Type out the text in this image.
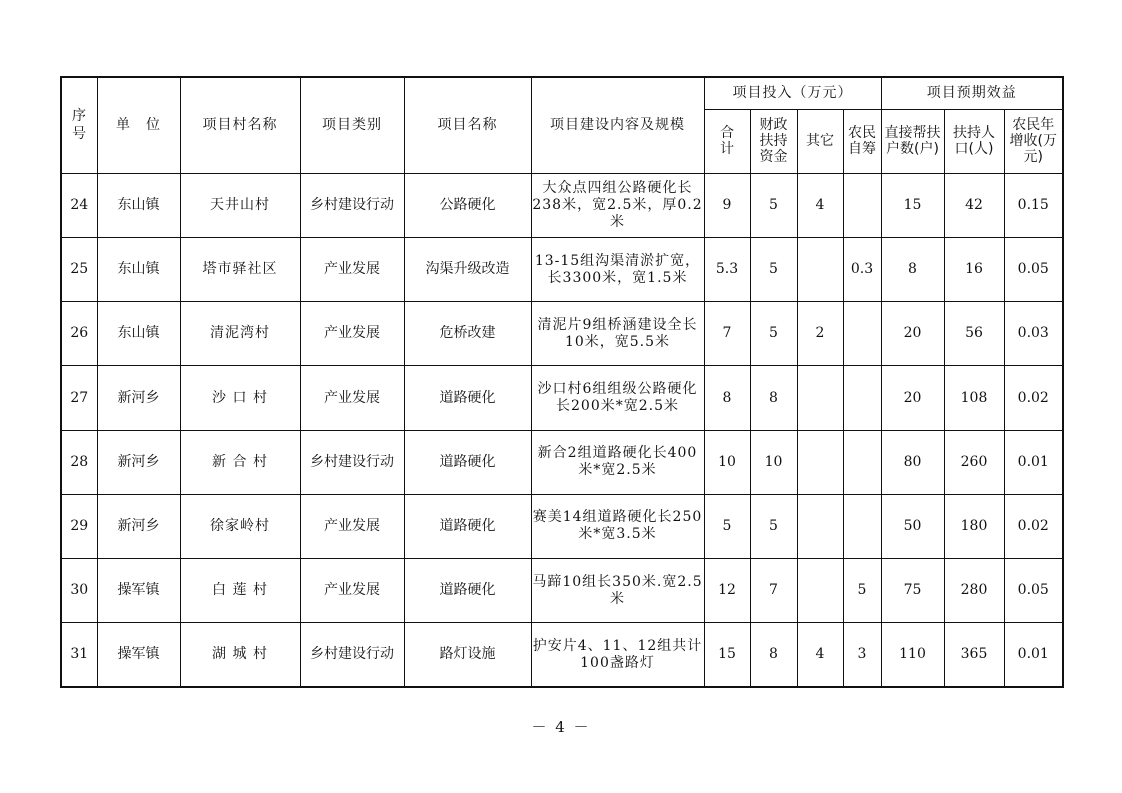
序号	单　位	项目村名称	项目类别	项目名称	项目建设内容及规模	项目投入（万元）				项目预期效益		
						合计	财政扶持资金	其它	农民自筹	直接帮扶户数(户)	扶持人口(人)	农民年增收(万元)
24	东山镇	天井山村	乡村建设行动	公路硬化	大众点四组公路硬化长238米，宽2.5米，厚0.2米	9	5	4		15	42	0.15
25	东山镇	塔市驿社区	产业发展	沟渠升级改造	13-15组沟渠清淤扩宽，长3300米，宽1.5米	5.3	5		0.3	8	16	0.05
26	东山镇	清泥湾村	产业发展	危桥改建	清泥片9组桥涵建设全长10米，宽5.5米	7	5	2		20	56	0.03
27	新河乡	沙 口 村	产业发展	道路硬化	沙口村6组组级公路硬化长200米*宽2.5米	8	8			20	108	0.02
28	新河乡	新 合 村	乡村建设行动	道路硬化	新合2组道路硬化长400米*宽2.5米	10	10			80	260	0.01
29	新河乡	徐家岭村	产业发展	道路硬化	赛美14组道路硬化长250米*宽3.5米	5	5			50	180	0.02
30	操军镇	白 莲 村	产业发展	道路硬化	马蹄10组长350米.宽2.5米	12	7		5	75	280	0.05
31	操军镇	湖 城 村	乡村建设行动	路灯设施	护安片4、11、12组共计100盏路灯	15	8	4	3	110	365	0.01
－ 4 －
